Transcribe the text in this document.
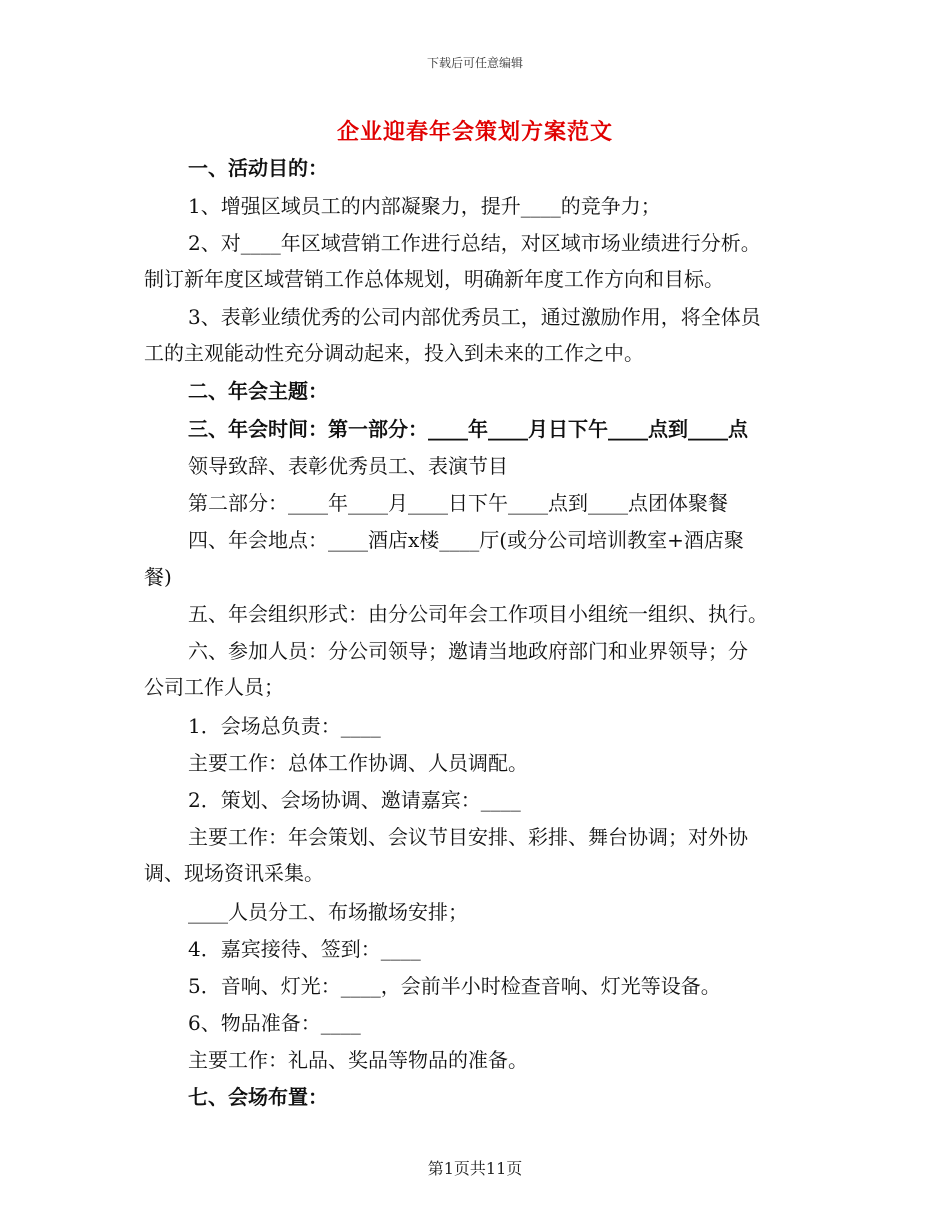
下载后可任意编辑
企业迎春年会策划方案范文
一、活动目的：
1、增强区域员工的内部凝聚力，提升____的竞争力；
2、对____年区域营销工作进行总结，对区域市场业绩进行分析。
制订新年度区域营销工作总体规划，明确新年度工作方向和目标。
3、表彰业绩优秀的公司内部优秀员工，通过激励作用，将全体员
工的主观能动性充分调动起来，投入到未来的工作之中。
二、年会主题：
三、年会时间：第一部分：____年____月日下午____点到____点
领导致辞、表彰优秀员工、表演节目
第二部分：____年____月____日下午____点到____点团体聚餐
四、年会地点：____酒店x楼____厅(或分公司培训教室+酒店聚
餐)
五、年会组织形式：由分公司年会工作项目小组统一组织、执行。
六、参加人员：分公司领导；邀请当地政府部门和业界领导；分
公司工作人员；
1．会场总负责：____
主要工作：总体工作协调、人员调配。
2．策划、会场协调、邀请嘉宾：____
主要工作：年会策划、会议节目安排、彩排、舞台协调；对外协
调、现场资讯采集。
____人员分工、布场撤场安排；
4．嘉宾接待、签到：____
5．音响、灯光：____，会前半小时检查音响、灯光等设备。
6、物品准备：____
主要工作：礼品、奖品等物品的准备。
七、会场布置：
第1页共11页
